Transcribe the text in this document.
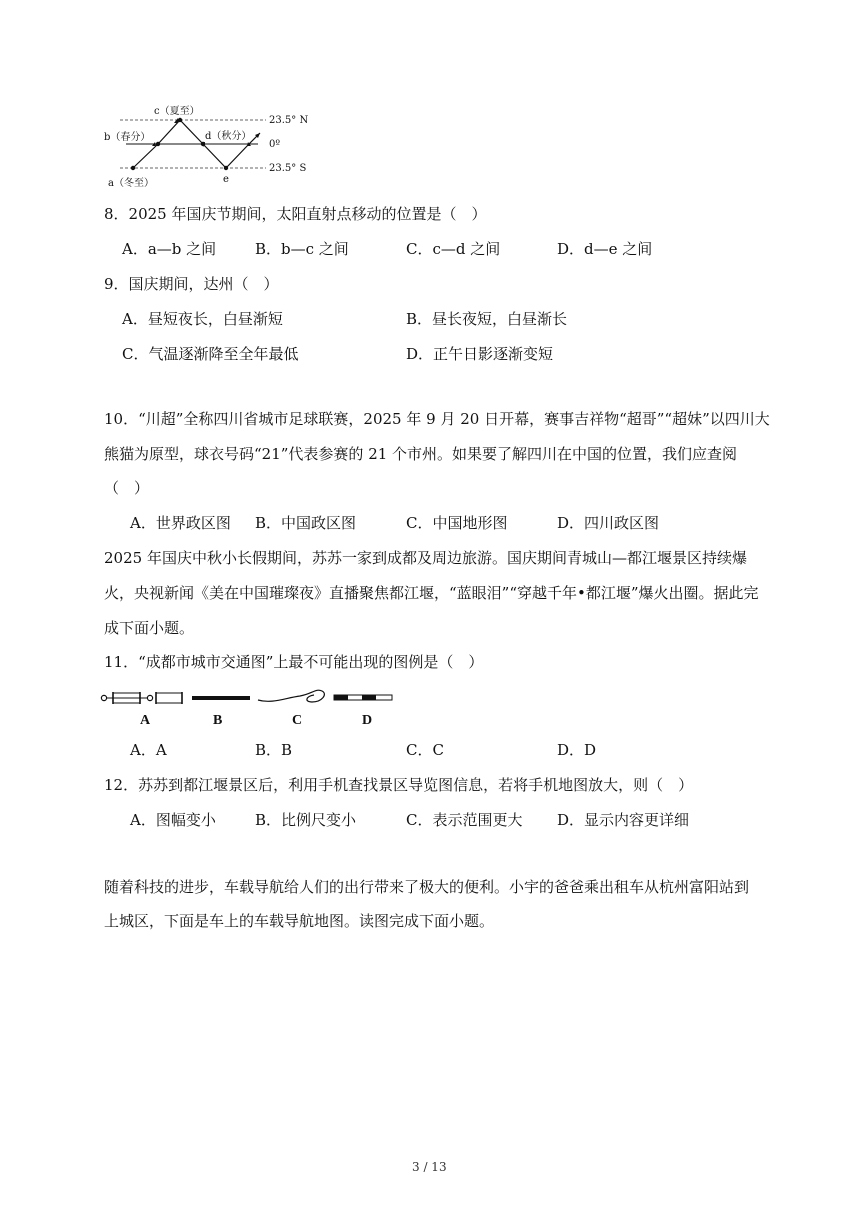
c（夏至）
b（春分）	d（秋分）
a（冬至）	e
23.5° N
0º
23.5° S
8．2025 年国庆节期间，太阳直射点移动的位置是（　）
A．a—b 之间	B．b—c 之间	C．c—d 之间	D．d—e 之间
9．国庆期间，达州（　）
A．昼短夜长，白昼渐短	B．昼长夜短，白昼渐长
C．气温逐渐降至全年最低	D．正午日影逐渐变短
10．“川超”全称四川省城市足球联赛，2025 年 9 月 20 日开幕，赛事吉祥物“超哥”“超妹”以四川大
熊猫为原型，球衣号码“21”代表参赛的 21 个市州。如果要了解四川在中国的位置，我们应查阅
（　）
A．世界政区图 B．中国政区图	C．中国地形图	D．四川政区图
2025 年国庆中秋小长假期间，苏苏一家到成都及周边旅游。国庆期间青城山—都江堰景区持续爆
火，央视新闻《美在中国璀璨夜》直播聚焦都江堰，“蓝眼泪”“穿越千年•都江堰”爆火出圈。据此完
成下面小题。
11．“成都市城市交通图”上最不可能出现的图例是（　）
A	B	C	D
A．A	B．B	C．C	D．D
12．苏苏到都江堰景区后，利用手机查找景区导览图信息，若将手机地图放大，则（　）
A．图幅变小	B．比例尺变小	C．表示范围更大 D．显示内容更详细
随着科技的进步，车载导航给人们的出行带来了极大的便利。小宇的爸爸乘出租车从杭州富阳站到
上城区，下面是车上的车载导航地图。读图完成下面小题。
3 / 13
